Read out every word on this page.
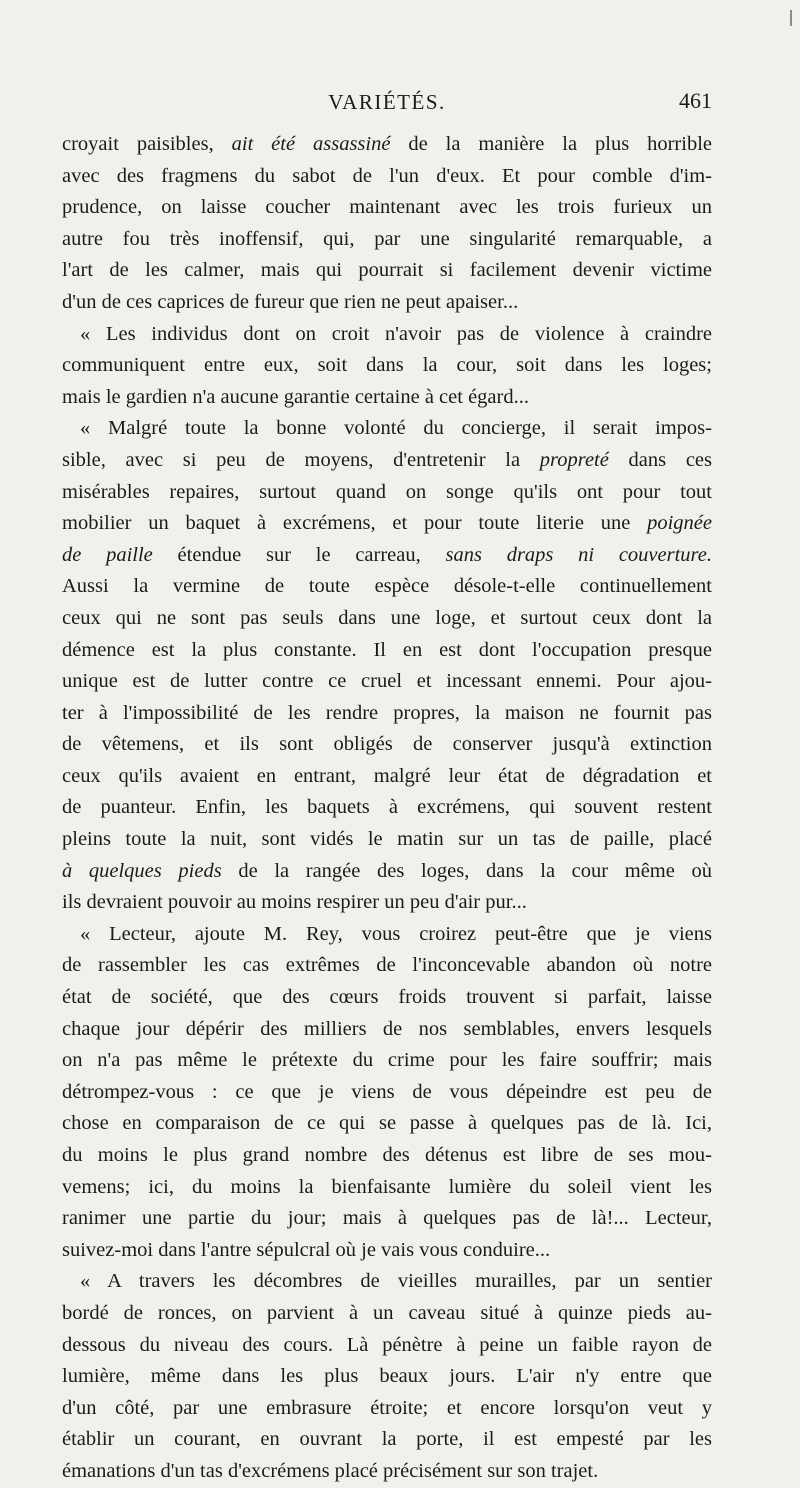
VARIÉTÉS.	461
croyait paisibles, ait été assassiné de la manière la plus horrible
avec des fragmens du sabot de l'un d'eux. Et pour comble d'im-
prudence, on laisse coucher maintenant avec les trois furieux un
autre fou très inoffensif, qui, par une singularité remarquable, a
l'art de les calmer, mais qui pourrait si facilement devenir victime
d'un de ces caprices de fureur que rien ne peut apaiser...
« Les individus dont on croit n'avoir pas de violence à craindre
communiquent entre eux, soit dans la cour, soit dans les loges;
mais le gardien n'a aucune garantie certaine à cet égard...
« Malgré toute la bonne volonté du concierge, il serait impos-
sible, avec si peu de moyens, d'entretenir la propreté dans ces
misérables repaires, surtout quand on songe qu'ils ont pour tout
mobilier un baquet à excrémens, et pour toute literie une poignée
de paille étendue sur le carreau, sans draps ni couverture.
Aussi la vermine de toute espèce désole-t-elle continuellement
ceux qui ne sont pas seuls dans une loge, et surtout ceux dont la
démence est la plus constante. Il en est dont l'occupation presque
unique est de lutter contre ce cruel et incessant ennemi. Pour ajou-
ter à l'impossibilité de les rendre propres, la maison ne fournit pas
de vêtemens, et ils sont obligés de conserver jusqu'à extinction
ceux qu'ils avaient en entrant, malgré leur état de dégradation et
de puanteur. Enfin, les baquets à excrémens, qui souvent restent
pleins toute la nuit, sont vidés le matin sur un tas de paille, placé
à quelques pieds de la rangée des loges, dans la cour même où
ils devraient pouvoir au moins respirer un peu d'air pur...
« Lecteur, ajoute M. Rey, vous croirez peut-être que je viens
de rassembler les cas extrêmes de l'inconcevable abandon où notre
état de société, que des cœurs froids trouvent si parfait, laisse
chaque jour dépérir des milliers de nos semblables, envers lesquels
on n'a pas même le prétexte du crime pour les faire souffrir; mais
détrompez-vous : ce que je viens de vous dépeindre est peu de
chose en comparaison de ce qui se passe à quelques pas de là. Ici,
du moins le plus grand nombre des détenus est libre de ses mou-
vemens; ici, du moins la bienfaisante lumière du soleil vient les
ranimer une partie du jour; mais à quelques pas de là!... Lecteur,
suivez-moi dans l'antre sépulcral où je vais vous conduire...
« A travers les décombres de vieilles murailles, par un sentier
bordé de ronces, on parvient à un caveau situé à quinze pieds au-
dessous du niveau des cours. Là pénètre à peine un faible rayon de
lumière, même dans les plus beaux jours. L'air n'y entre que
d'un côté, par une embrasure étroite; et encore lorsqu'on veut y
établir un courant, en ouvrant la porte, il est empesté par les
émanations d'un tas d'excrémens placé précisément sur son trajet.
